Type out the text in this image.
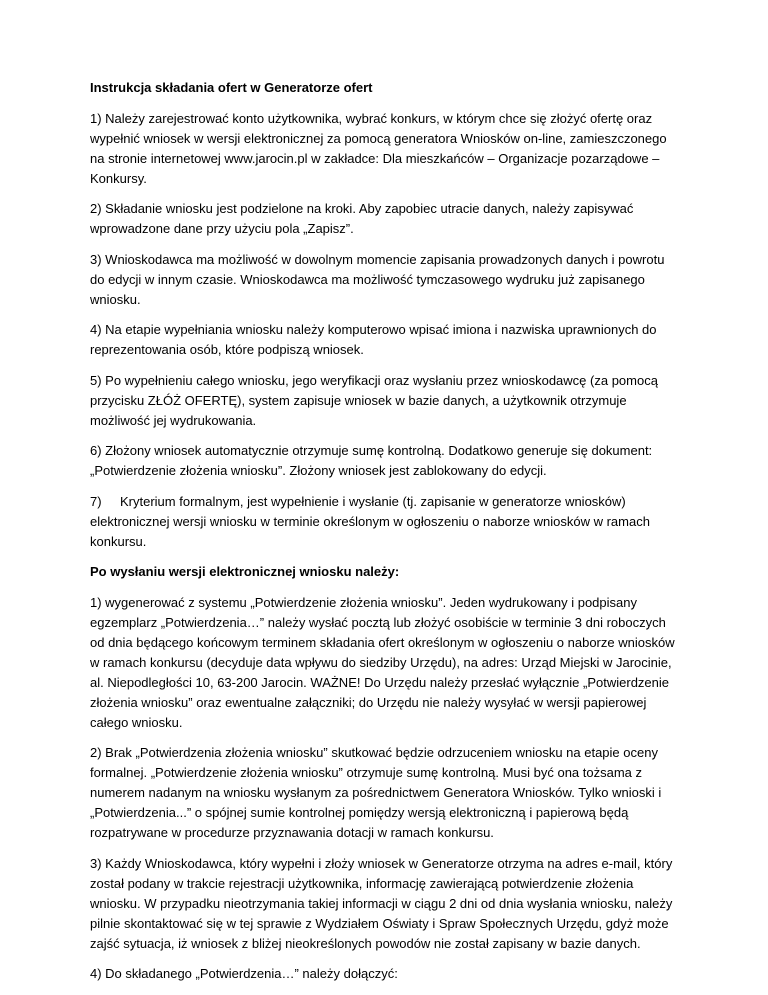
Instrukcja składania ofert w Generatorze ofert

1) Należy zarejestrować konto użytkownika, wybrać konkurs, w którym chce się złożyć ofertę oraz wypełnić wniosek w wersji elektronicznej za pomocą generatora Wniosków on-line, zamieszczonego na stronie internetowej www.jarocin.pl w zakładce: Dla mieszkańców – Organizacje pozarządowe – Konkursy.

2) Składanie wniosku jest podzielone na kroki. Aby zapobiec utracie danych, należy zapisywać wprowadzone dane przy użyciu pola „Zapisz”.

3) Wnioskodawca ma możliwość w dowolnym momencie zapisania prowadzonych danych i powrotu do edycji w innym czasie. Wnioskodawca ma możliwość tymczasowego wydruku już zapisanego wniosku.

4) Na etapie wypełniania wniosku należy komputerowo wpisać imiona i nazwiska uprawnionych do reprezentowania osób, które podpiszą wniosek.

5) Po wypełnieniu całego wniosku, jego weryfikacji oraz wysłaniu przez wnioskodawcę (za pomocą przycisku ZŁÓŻ OFERTĘ), system zapisuje wniosek w bazie danych, a użytkownik otrzymuje możliwość jej wydrukowania.

6) Złożony wniosek automatycznie otrzymuje sumę kontrolną. Dodatkowo generuje się dokument: „Potwierdzenie złożenia wniosku”. Złożony wniosek jest zablokowany do edycji.

7) Kryterium formalnym, jest wypełnienie i wysłanie (tj. zapisanie w generatorze wniosków) elektronicznej wersji wniosku w terminie określonym w ogłoszeniu o naborze wniosków w ramach konkursu.

Po wysłaniu wersji elektronicznej wniosku należy:

1) wygenerować z systemu „Potwierdzenie złożenia wniosku”. Jeden wydrukowany i podpisany egzemplarz „Potwierdzenia…” należy wysłać pocztą lub złożyć osobiście w terminie 3 dni roboczych od dnia będącego końcowym terminem składania ofert określonym w ogłoszeniu o naborze wniosków w ramach konkursu (decyduje data wpływu do siedziby Urzędu), na adres: Urząd Miejski w Jarocinie, al. Niepodległości 10, 63-200 Jarocin. WAŻNE! Do Urzędu należy przesłać wyłącznie „Potwierdzenie złożenia wniosku” oraz ewentualne załączniki; do Urzędu nie należy wysyłać w wersji papierowej całego wniosku.

2) Brak „Potwierdzenia złożenia wniosku” skutkować będzie odrzuceniem wniosku na etapie oceny formalnej. „Potwierdzenie złożenia wniosku” otrzymuje sumę kontrolną. Musi być ona tożsama z numerem nadanym na wniosku wysłanym za pośrednictwem Generatora Wniosków. Tylko wnioski i „Potwierdzenia...” o spójnej sumie kontrolnej pomiędzy wersją elektroniczną i papierową będą rozpatrywane w procedurze przyznawania dotacji w ramach konkursu.

3) Każdy Wnioskodawca, który wypełni i złoży wniosek w Generatorze otrzyma na adres e-mail, który został podany w trakcie rejestracji użytkownika, informację zawierającą potwierdzenie złożenia wniosku. W przypadku nieotrzymania takiej informacji w ciągu 2 dni od dnia wysłania wniosku, należy pilnie skontaktować się w tej sprawie z Wydziałem Oświaty i Spraw Społecznych Urzędu, gdyż może zajść sytuacja, iż wniosek z bliżej nieokreślonych powodów nie został zapisany w bazie danych.

4) Do składanego „Potwierdzenia…” należy dołączyć:
